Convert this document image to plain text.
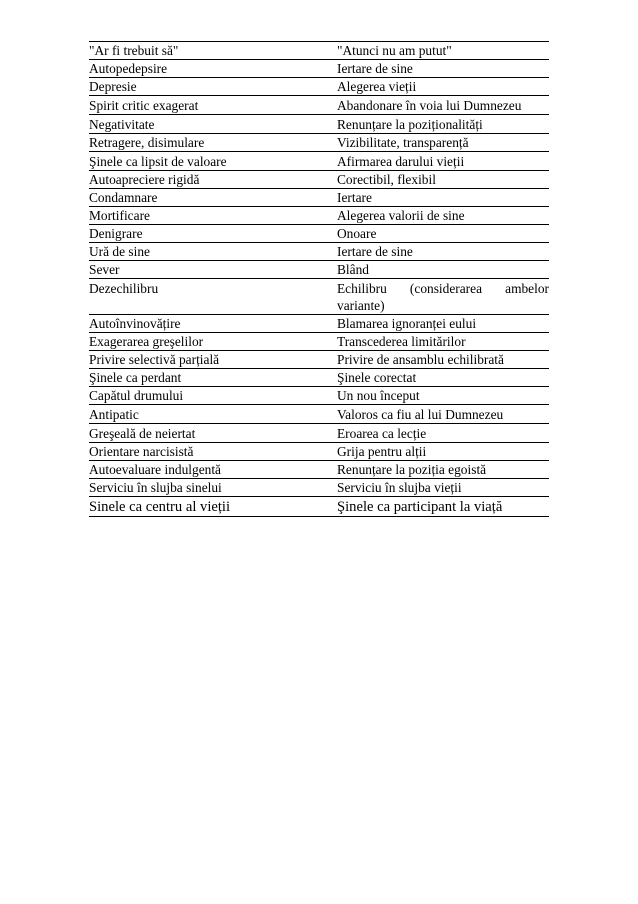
"Ar fi trebuit să"	"Atunci nu am putut"
Autopedepsire	Iertare de sine
Depresie	Alegerea vieții
Spirit critic exagerat	Abandonare în voia lui Dumnezeu
Negativitate	Renunțare la poziționalități
Retragere, disimulare	Vizibilitate, transparență
Şinele ca lipsit de valoare	Afirmarea darului vieții
Autoapreciere rigidă	Corectibil, flexibil
Condamnare	Iertare
Mortificare	Alegerea valorii de sine
Denigrare	Onoare
Ură de sine	Iertare de sine
Sever	Blând
Dezechilibru	Echilibru (considerarea ambelor variante)
Autoînvinovățire	Blamarea ignoranței eului
Exagerarea greşelilor	Transcederea limitărilor
Privire selectivă parțială	Privire de ansamblu echilibrată
Şinele ca perdant	Şinele corectat
Capătul drumului	Un nou început
Antipatic	Valoros ca fiu al lui Dumnezeu
Greşeală de neiertat	Eroarea ca lecție
Orientare narcisistă	Grija pentru alții
Autoevaluare indulgentă	Renunțare la poziția egoistă
Serviciu în slujba sinelui	Serviciu în slujba vieții
Sinele ca centru al vieții	Şinele ca participant la viață
